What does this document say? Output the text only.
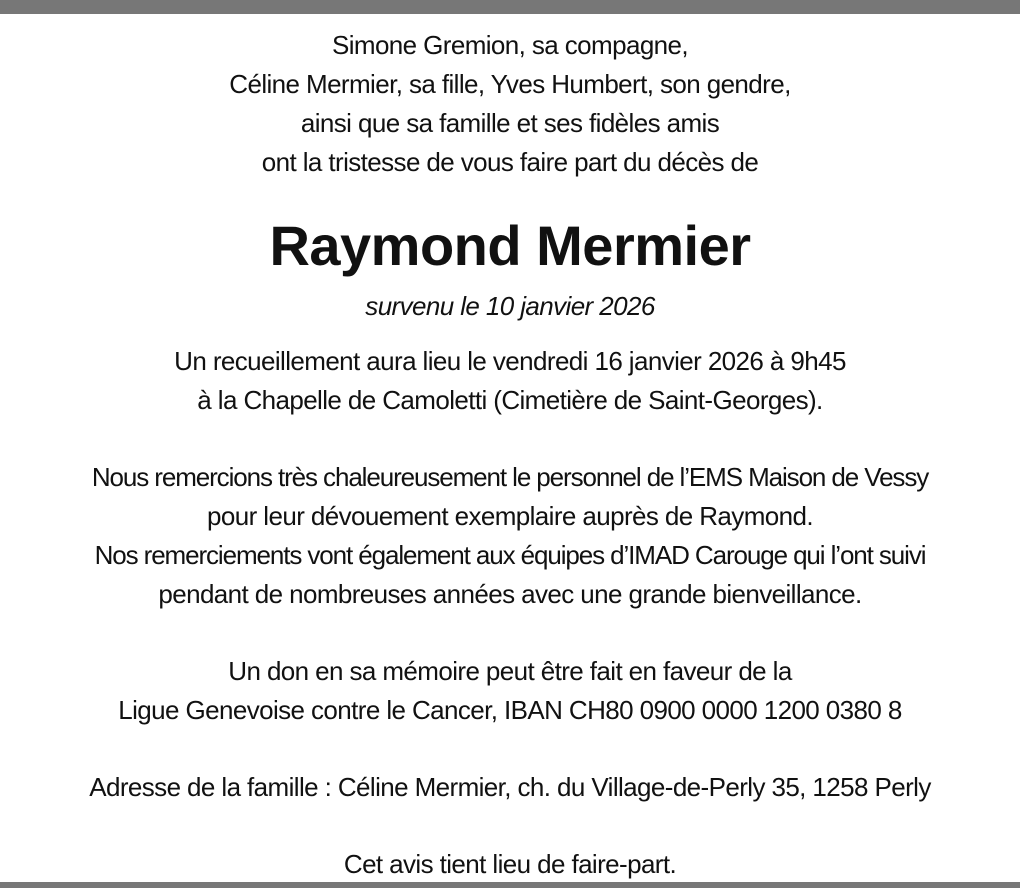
Simone Gremion, sa compagne,
Céline Mermier, sa fille, Yves Humbert, son gendre,
ainsi que sa famille et ses fidèles amis
ont la tristesse de vous faire part du décès de
Raymond Mermier
survenu le 10 janvier 2026
Un recueillement aura lieu le vendredi 16 janvier 2026 à 9h45
à la Chapelle de Camoletti (Cimetière de Saint-Georges).
Nous remercions très chaleureusement le personnel de l’EMS Maison de Vessy
pour leur dévouement exemplaire auprès de Raymond.
Nos remerciements vont également aux équipes d’IMAD Carouge qui l’ont suivi
pendant de nombreuses années avec une grande bienveillance.
Un don en sa mémoire peut être fait en faveur de la
Ligue Genevoise contre le Cancer, IBAN CH80 0900 0000 1200 0380 8
Adresse de la famille : Céline Mermier, ch. du Village-de-Perly 35, 1258 Perly
Cet avis tient lieu de faire-part.
